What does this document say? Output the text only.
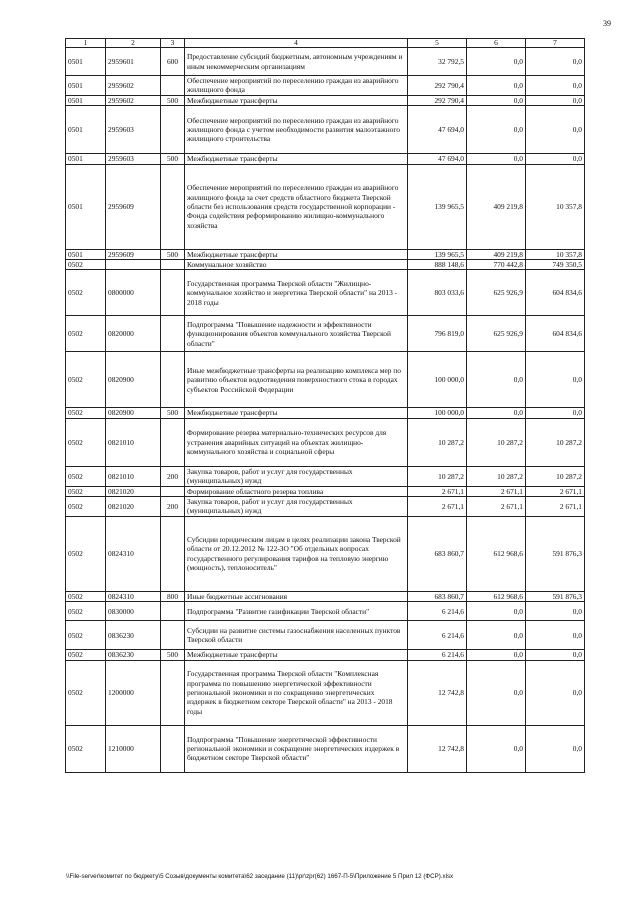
39
1	2	3	4	5	6	7
0501	2959601	600	Предоставление субсидий бюджетным, автономным учреждениям и иным некоммерческим организациям	32 792,5	0,0	0,0
0501	2959602		Обеспечение мероприятий по переселению граждан из аварийного жилищного фонда	292 790,4	0,0	0,0
0501	2959602	500	Межбюджетные трансферты	292 790,4	0,0	0,0
0501	2959603		Обеспечение мероприятий по переселению граждан из аварийного жилищного фонда с учетом необходимости развития малоэтажного жилищного строительства	47 694,0	0,0	0,0
0501	2959603	500	Межбюджетные трансферты	47 694,0	0,0	0,0
0501	2959609		Обеспечение мероприятий по переселению граждан из аварийного жилищного фонда за счет средств областного бюджета Тверской области без использования средств государственной корпорации - Фонда содействия реформированию жилищно-коммунального хозяйства	139 965,5	409 219,8	10 357,8
0501	2959609	500	Межбюджетные трансферты	139 965,5	409 219,8	10 357,8
0502			Коммунальное хозяйство	888 148,6	770 442,8	749 350,5
0502	0800000		Государственная программа Тверской области "Жилищно-коммунальное хозяйство и энергетика Тверской области" на 2013 - 2018 годы	803 033,6	625 926,9	604 834,6
0502	0820000		Подпрограмма "Повышение надежности и эффективности функционирования объектов коммунального хозяйства Тверской области"	796 819,0	625 926,9	604 834,6
0502	0820900		Иные межбюджетные трансферты на реализацию комплекса мер по развитию объектов водоотведения поверхностного стока в городах субъектов Российской Федерации	100 000,0	0,0	0,0
0502	0820900	500	Межбюджетные трансферты	100 000,0	0,0	0,0
0502	0821010		Формирование резерва материально-технических ресурсов для устранения аварийных ситуаций на объектах жилищно-коммунального хозяйства и социальной сферы	10 287,2	10 287,2	10 287,2
0502	0821010	200	Закупка товаров, работ и услуг для государственных (муниципальных) нужд	10 287,2	10 287,2	10 287,2
0502	0821020		Формирование областного резерва топлива	2 671,1	2 671,1	2 671,1
0502	0821020	200	Закупка товаров, работ и услуг для государственных (муниципальных) нужд	2 671,1	2 671,1	2 671,1
0502	0824310		Субсидии юридическим лицам в целях реализации закона Тверской области от 20.12.2012 № 122-ЗО "Об отдельных вопросах государственного регулирования тарифов на тепловую энергию (мощность), теплоноситель"	683 860,7	612 968,6	591 876,3
0502	0824310	800	Иные бюджетные ассигнования	683 860,7	612 968,6	591 876,3
0502	0830000		Подпрограмма "Развитие газификации Тверской области"	6 214,6	0,0	0,0
0502	0836230		Субсидии на развитие системы газоснабжения населенных пунктов Тверской области	6 214,6	0,0	0,0
0502	0836230	500	Межбюджетные трансферты	6 214,6	0,0	0,0
0502	1200000		Государственная программа Тверской области "Комплексная программа по повышению энергетической эффективности региональной экономики и по сокращению энергетических издержек в бюджетном секторе Тверской области" на 2013 - 2018 годы	12 742,8	0,0	0,0
0502	1210000		Подпрограмма "Повышение энергетической эффективности региональной экономики и сокращение энергетических издержек в бюджетном секторе Тверской области"	12 742,8	0,0	0,0
\\File-server\комитет по бюджету\5 Созыв\документы комитета\62 заседание (11)\pr\zpr(62) 1667-П-5\Приложение 5 Прил 12 (ФСР).xlsx
